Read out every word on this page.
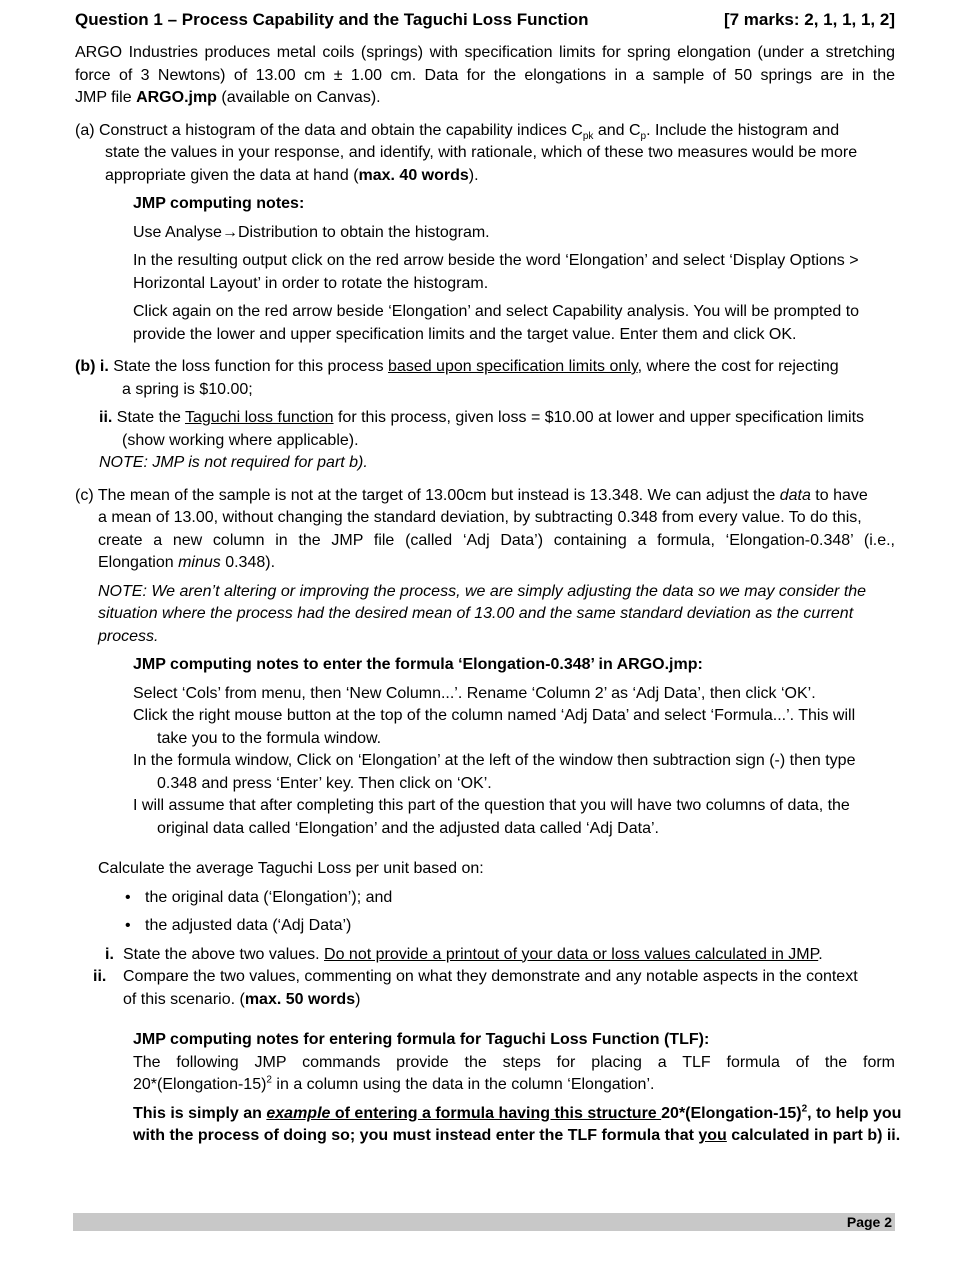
Question 1 – Process Capability and the Taguchi Loss Function	[7 marks: 2, 1, 1, 1, 2]
ARGO Industries produces metal coils (springs) with specification limits for spring elongation (under a stretching
force of 3 Newtons) of 13.00 cm ± 1.00 cm. Data for the elongations in a sample of 50 springs are in the
JMP file ARGO.jmp (available on Canvas).
(a) Construct a histogram of the data and obtain the capability indices $C_{pk}$ and $C_p$. Include the histogram and
state the values in your response, and identify, with rationale, which of these two measures would be more
appropriate given the data at hand (max. 40 words).
JMP computing notes:
Use Analyse→Distribution to obtain the histogram.
In the resulting output click on the red arrow beside the word ‘Elongation’ and select ‘Display Options >
Horizontal Layout’ in order to rotate the histogram.
Click again on the red arrow beside ‘Elongation’ and select Capability analysis. You will be prompted to
provide the lower and upper specification limits and the target value. Enter them and click OK.
(b) i. State the loss function for this process based upon specification limits only, where the cost for rejecting
a spring is $10.00;
ii. State the Taguchi loss function for this process, given loss = $10.00 at lower and upper specification limits
(show working where applicable).
NOTE: JMP is not required for part b).
(c) The mean of the sample is not at the target of 13.00cm but instead is 13.348. We can adjust the data to have
a mean of 13.00, without changing the standard deviation, by subtracting 0.348 from every value. To do this,
create a new column in the JMP file (called ‘Adj Data’) containing a formula, ‘Elongation-0.348’ (i.e.,
Elongation minus 0.348).
NOTE: We aren’t altering or improving the process, we are simply adjusting the data so we may consider the
situation where the process had the desired mean of 13.00 and the same standard deviation as the current
process.
JMP computing notes to enter the formula ‘Elongation-0.348’ in ARGO.jmp:
Select ‘Cols’ from menu, then ‘New Column...’. Rename ‘Column 2’ as ‘Adj Data’, then click ‘OK’.
Click the right mouse button at the top of the column named ‘Adj Data’ and select ‘Formula...’. This will
take you to the formula window.
In the formula window, Click on ‘Elongation’ at the left of the window then subtraction sign (-) then type
0.348 and press ‘Enter’ key. Then click on ‘OK’.
I will assume that after completing this part of the question that you will have two columns of data, the
original data called ‘Elongation’ and the adjusted data called ‘Adj Data’.
Calculate the average Taguchi Loss per unit based on:
• the original data (‘Elongation’); and
• the adjusted data (‘Adj Data’)
i. State the above two values. Do not provide a printout of your data or loss values calculated in JMP.
ii. Compare the two values, commenting on what they demonstrate and any notable aspects in the context
of this scenario. (max. 50 words)
JMP computing notes for entering formula for Taguchi Loss Function (TLF):
The following JMP commands provide the steps for placing a TLF formula of the form
20*(Elongation-15)$^2$ in a column using the data in the column ‘Elongation’.
This is simply an example of entering a formula having this structure 20*(Elongation-15)$^2$, to help you
with the process of doing so; you must instead enter the TLF formula that you calculated in part b) ii.
Page 2
